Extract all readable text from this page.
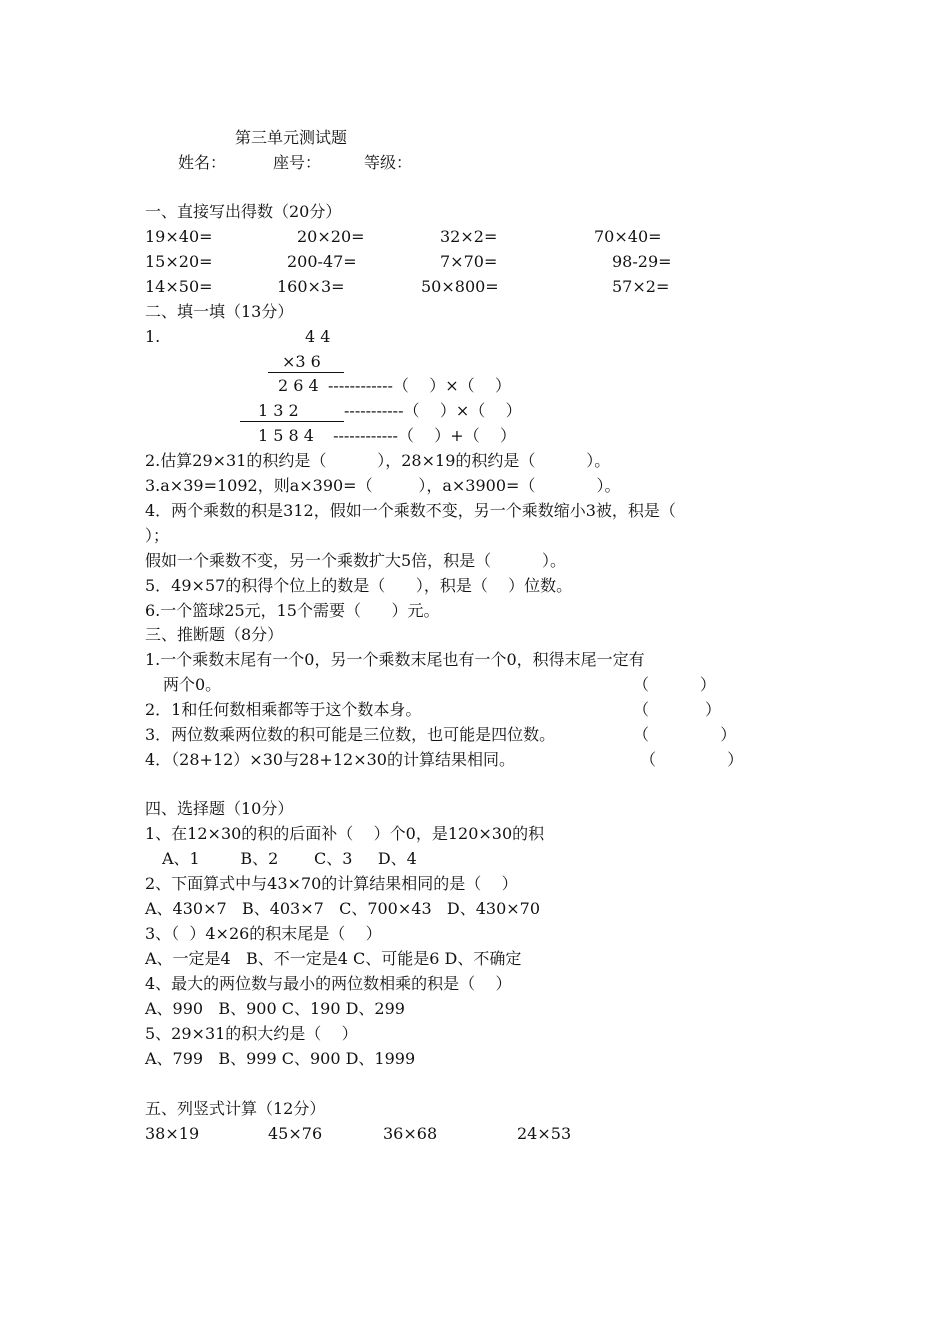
第三单元测试题
姓名：	座号：	等级：
一、直接写出得数（20分）
19×40=	20×20=	32×2=	70×40=
15×20=	200-47=	7×70=	98-29=
14×50=	160×3=	50×800=	57×2=
二、填一填（13分）
1.	4 4
×3 6
2 6 4 ------------（    ）×（    ）
1 3 2	-----------（    ）×（    ）
1 5 8 4 ------------（    ）+（    ）
2.估算29×31的积约是（          ），28×19的积约是（          ）。
3.a×39=1092，则a×390=（         ），a×3900=（            ）。
4．两个乘数的积是312，假如一个乘数不变，另一个乘数缩小3被，积是（
）；
假如一个乘数不变，另一个乘数扩大5倍，积是（          ）。
5．49×57的积得个位上的数是（      ），积是（    ）位数。
6.一个篮球25元，15个需要（      ）元。
三、推断题（8分）
1.一个乘数末尾有一个0，另一个乘数末尾也有一个0，积得末尾一定有
两个0。	（          ）
2．1和任何数相乘都等于这个数本身。	（           ）
3．两位数乘两位数的积可能是三位数，也可能是四位数。	（              ）
4．（28+12）×30与28+12×30的计算结果相同。	（              ）
四、选择题（10分）
1、在12×30的积的后面补（    ）个0，是120×30的积
A、1        B、2       C、3     D、4
2、下面算式中与43×70的计算结果相同的是（    ）
A、430×7   B、403×7   C、700×43   D、430×70
3、（  ）4×26的积末尾是（    ）
A、一定是4   B、不一定是4 C、可能是6 D、不确定
4、最大的两位数与最小的两位数相乘的积是（    ）
A、990   B、900 C、190 D、299
5、29×31的积大约是（    ）
A、799   B、999 C、900 D、1999
五、列竖式计算（12分）
38×19	45×76	36×68	24×53
